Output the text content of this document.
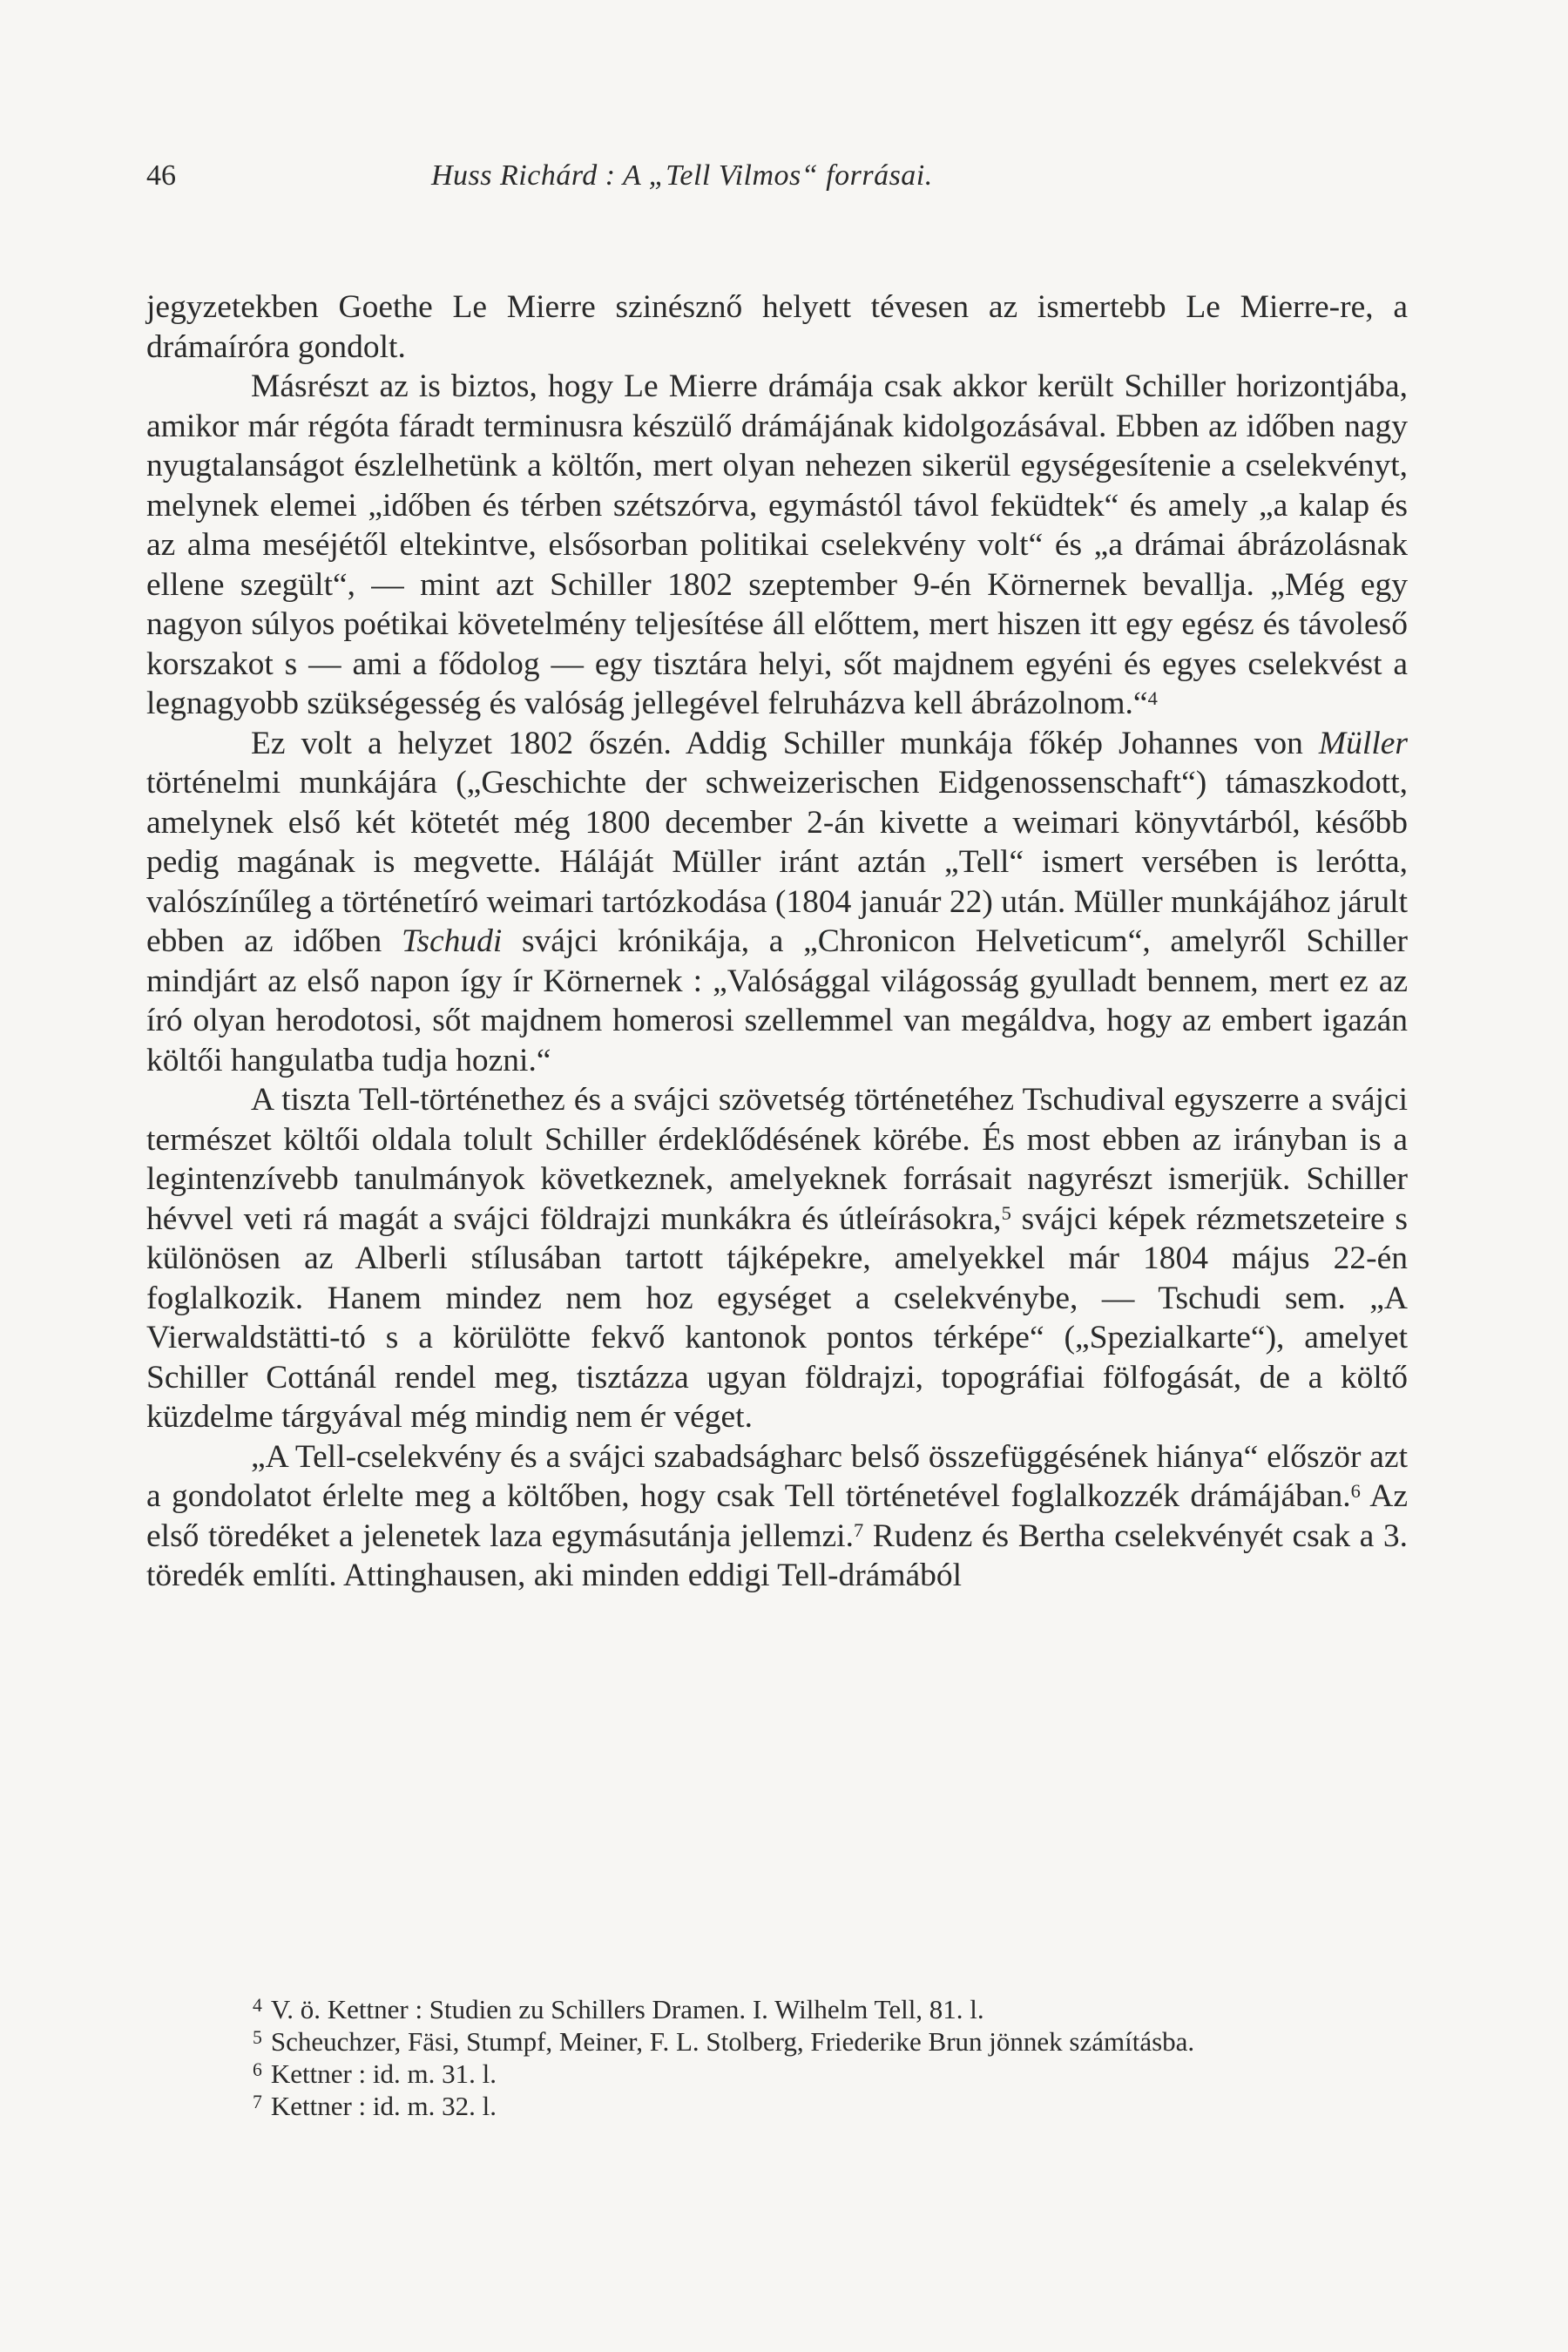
46	Huss Richárd : A „Tell Vilmos“ forrásai.

jegyzetekben Goethe Le Mierre szinésznő helyett tévesen az ismertebb Le Mierre-re, a drámaíróra gondolt.

Másrészt az is biztos, hogy Le Mierre drámája csak akkor került Schiller horizontjába, amikor már régóta fáradt terminusra készülő drámájának kidolgozásával. Ebben az időben nagy nyugtalanságot észlelhetünk a költőn, mert olyan nehezen sikerül egységesítenie a cselekvényt, melynek elemei „időben és térben szétszórva, egymástól távol feküdtek“ és amely „a kalap és az alma meséjétől eltekintve, elsősorban politikai cselekvény volt“ és „a drámai ábrázolásnak ellene szegült“, — mint azt Schiller 1802 szeptember 9-én Körnernek bevallja. „Még egy nagyon súlyos poétikai követelmény teljesítése áll előttem, mert hiszen itt egy egész és távoleső korszakot s — ami a fődolog — egy tisztára helyi, sőt majdnem egyéni és egyes cselekvést a legnagyobb szükségesség és valóság jellegével felruházva kell ábrázolnom.“$^4$

Ez volt a helyzet 1802 őszén. Addig Schiller munkája főkép Johannes von Müller történelmi munkájára („Geschichte der schweizerischen Eidgenossenschaft“) támaszkodott, amelynek első két kötetét még 1800 december 2-án kivette a weimari könyvtárból, később pedig magának is megvette. Háláját Müller iránt aztán „Tell“ ismert versében is lerótta, valószínűleg a történetíró weimari tartózkodása (1804 január 22) után. Müller munkájához járult ebben az időben Tschudi svájci krónikája, a „Chronicon Helveticum“, amelyről Schiller mindjárt az első napon így ír Körnernek : „Valósággal világosság gyulladt bennem, mert ez az író olyan herodotosi, sőt majdnem homerosi szellemmel van megáldva, hogy az embert igazán költői hangulatba tudja hozni.“

A tiszta Tell-történethez és a svájci szövetség történetéhez Tschudival egyszerre a svájci természet költői oldala tolult Schiller érdeklődésének körébe. És most ebben az irányban is a legintenzívebb tanulmányok következnek, amelyeknek forrásait nagyrészt ismerjük. Schiller hévvel veti rá magát a svájci földrajzi munkákra és útleírásokra,$^5$ svájci képek rézmetszeteire s különösen az Alberli stílusában tartott tájképekre, amelyekkel már 1804 május 22-én foglalkozik. Hanem mindez nem hoz egységet a cselekvénybe, — Tschudi sem. „A Vierwaldstätti-tó s a körülötte fekvő kantonok pontos térképe“ („Spezialkarte“), amelyet Schiller Cottánál rendel meg, tisztázza ugyan földrajzi, topográfiai fölfogását, de a költő küzdelme tárgyával még mindig nem ér véget.

„A Tell-cselekvény és a svájci szabadságharc belső összefüggésének hiánya“ először azt a gondolatot érlelte meg a költőben, hogy csak Tell történetével foglalkozzék drámájában.$^6$ Az első töredéket a jelenetek laza egymásutánja jellemzi.$^7$ Rudenz és Bertha cselekvényét csak a 3. töredék említi. Attinghausen, aki minden eddigi Tell-drámából

$^4$ V. ö. Kettner : Studien zu Schillers Dramen. I. Wilhelm Tell, 81. l.

$^5$ Scheuchzer, Fäsi, Stumpf, Meiner, F. L. Stolberg, Friederike Brun jönnek számításba.

$^6$ Kettner : id. m. 31. l.

$^7$ Kettner : id. m. 32. l.
